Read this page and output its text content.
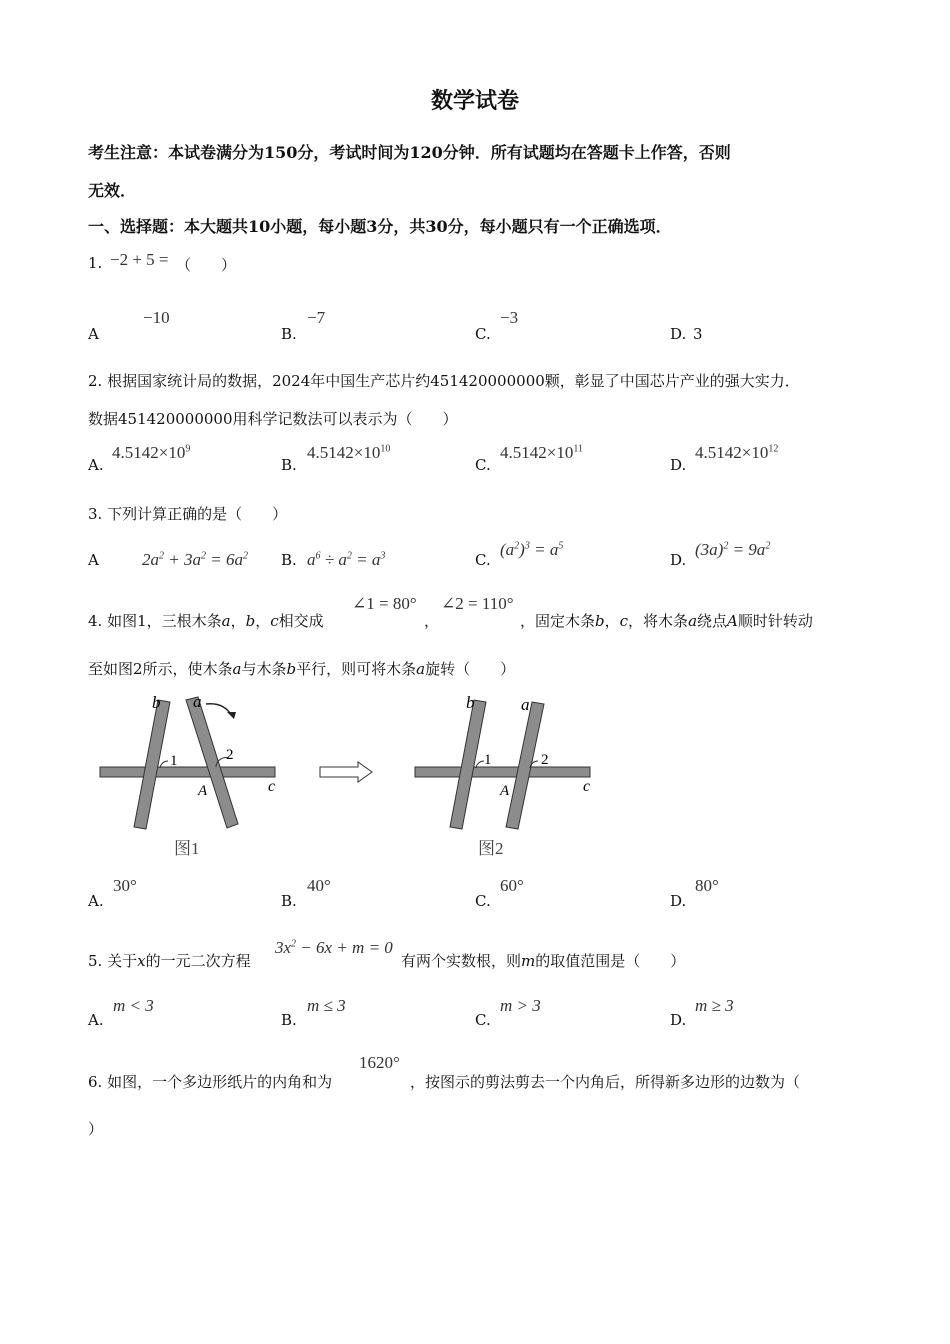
数学试卷
考生注意：本试卷满分为150分，考试时间为120分钟．所有试题均在答题卡上作答，否则
无效．
一、选择题：本大题共10小题，每小题3分，共30分，每小题只有一个正确选项．
1. −2 + 5 = （　　）
A
−10
B.
−7
C.
−3
D. 3
2. 根据国家统计局的数据，2024年中国生产芯片约451420000000颗，彰显了中国芯片产业的强大实力．
数据451420000000用科学记数法可以表示为（　　）
A.
$4.5142\times 10^9$
B.
$4.5142\times 10^{10}$
C.
$4.5142\times 10^{11}$
D.
$4.5142\times 10^{12}$
3. 下列计算正确的是（　　）
A	$2a^2 + 3a^2 = 6a^2$ B. $a^6 \div a^2 = a^3$	C.
$(a^2)^3 = a^5$
D.
$(3a)^2 = 9a^2$
4. 如图1，三根木条a，b，c相交成
∠1 = 80°
，
∠2 = 110°
，固定木条b，c，将木条a绕点A顺时针转动
至如图2所示，使木条a与木条b平行，则可将木条a旋转（　　）
b a
1	2
A	c
图1
b	a
1	2
A	c
图2
A.
30°
B.
40°
C.
60°
D.
80°
5. 关于x的一元二次方程
$3x^2 - 6x + m = 0$
有两个实数根，则m的取值范围是（　　）
A.
m < 3
B.
m ≤ 3
C.
m > 3
D.
m ≥ 3
6. 如图，一个多边形纸片的内角和为
1620°
，按图示的剪法剪去一个内角后，所得新多边形的边数为（
）
